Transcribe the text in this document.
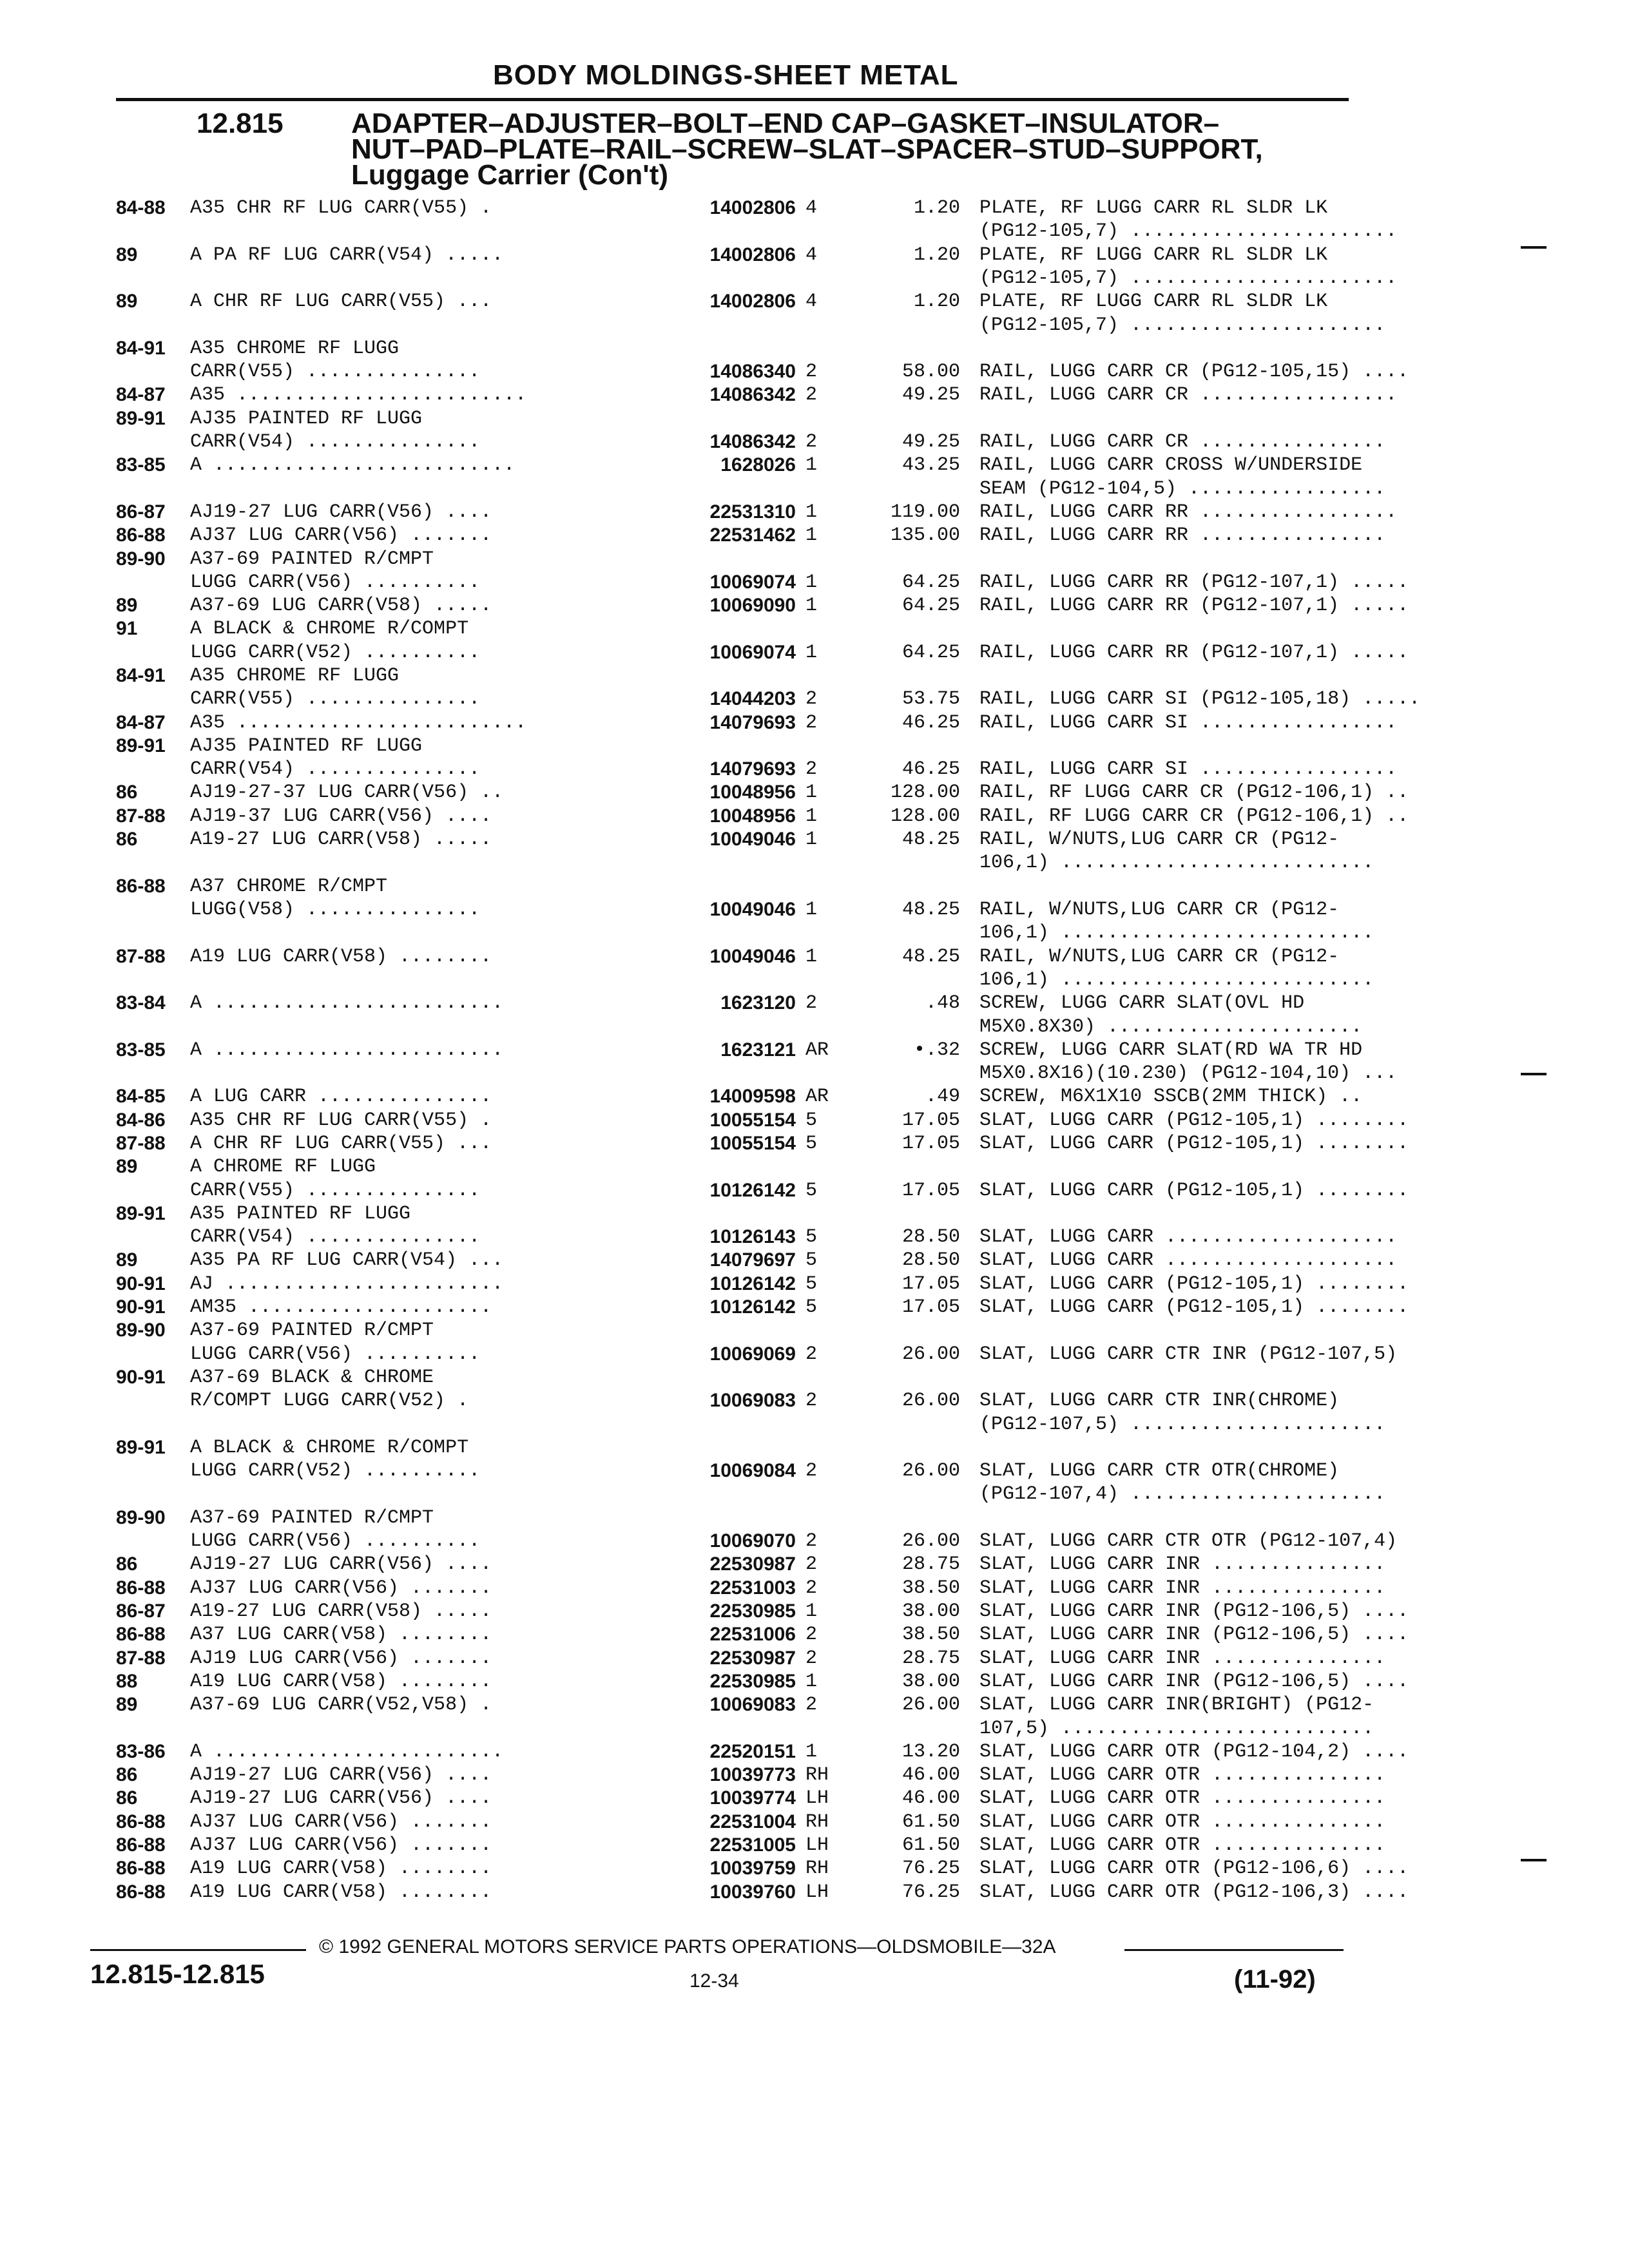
BODY MOLDINGS-SHEET METAL
12.815	ADAPTER–ADJUSTER–BOLT–END CAP–GASKET–INSULATOR–
NUT–PAD–PLATE–RAIL–SCREW–SLAT–SPACER–STUD–SUPPORT,
Luggage Carrier (Con't)
84-88	A35 CHR RF LUG CARR(V55) .	14002806 4	1.20 PLATE, RF LUGG CARR RL SLDR LK
(PG12-105,7) .......................
89	A PA RF LUG CARR(V54) .....	14002806 4	1.20 PLATE, RF LUGG CARR RL SLDR LK
(PG12-105,7) .......................
89	A CHR RF LUG CARR(V55) ...	14002806 4	1.20 PLATE, RF LUGG CARR RL SLDR LK
(PG12-105,7) ......................
84-91	A35 CHROME RF LUGG
CARR(V55) ...............	14086340 2	58.00 RAIL, LUGG CARR CR (PG12-105,15) ....
84-87	A35 .........................	14086342 2	49.25 RAIL, LUGG CARR CR .................
89-91	AJ35 PAINTED RF LUGG
CARR(V54) ...............	14086342 2	49.25 RAIL, LUGG CARR CR ................
83-85	A ..........................	1628026 1	43.25 RAIL, LUGG CARR CROSS W/UNDERSIDE
SEAM (PG12-104,5) .................
86-87	AJ19-27 LUG CARR(V56) ....	22531310 1	119.00 RAIL, LUGG CARR RR .................
86-88	AJ37 LUG CARR(V56) .......	22531462 1	135.00 RAIL, LUGG CARR RR ................
89-90	A37-69 PAINTED R/CMPT
LUGG CARR(V56) ..........	10069074 1	64.25 RAIL, LUGG CARR RR (PG12-107,1) .....
89	A37-69 LUG CARR(V58) .....	10069090 1	64.25 RAIL, LUGG CARR RR (PG12-107,1) .....
91	A BLACK & CHROME R/COMPT
LUGG CARR(V52) ..........	10069074 1	64.25 RAIL, LUGG CARR RR (PG12-107,1) .....
84-91	A35 CHROME RF LUGG
CARR(V55) ...............	14044203 2	53.75 RAIL, LUGG CARR SI (PG12-105,18) .....
84-87	A35 .........................	14079693 2	46.25 RAIL, LUGG CARR SI .................
89-91	AJ35 PAINTED RF LUGG
CARR(V54) ...............	14079693 2	46.25 RAIL, LUGG CARR SI .................
86	AJ19-27-37 LUG CARR(V56) ..	10048956 1	128.00 RAIL, RF LUGG CARR CR (PG12-106,1) ..
87-88	AJ19-37 LUG CARR(V56) ....	10048956 1	128.00 RAIL, RF LUGG CARR CR (PG12-106,1) ..
86	A19-27 LUG CARR(V58) .....	10049046 1	48.25 RAIL, W/NUTS,LUG CARR CR (PG12-
106,1) ...........................
86-88	A37 CHROME R/CMPT
LUGG(V58) ...............	10049046 1	48.25 RAIL, W/NUTS,LUG CARR CR (PG12-
106,1) ...........................
87-88	A19 LUG CARR(V58) ........	10049046 1	48.25 RAIL, W/NUTS,LUG CARR CR (PG12-
106,1) ...........................
83-84	A .........................	1623120 2	.48 SCREW, LUGG CARR SLAT(OVL HD
M5X0.8X30) ......................
83-85	A .........................	1623121 AR	•.32 SCREW, LUGG CARR SLAT(RD WA TR HD
M5X0.8X16)(10.230) (PG12-104,10) ...
84-85	A LUG CARR ...............	14009598 AR	.49 SCREW, M6X1X10 SSCB(2MM THICK) ..
84-86	A35 CHR RF LUG CARR(V55) .	10055154 5	17.05 SLAT, LUGG CARR (PG12-105,1) ........
87-88	A CHR RF LUG CARR(V55) ...	10055154 5	17.05 SLAT, LUGG CARR (PG12-105,1) ........
89	A CHROME RF LUGG
CARR(V55) ...............	10126142 5	17.05 SLAT, LUGG CARR (PG12-105,1) ........
89-91	A35 PAINTED RF LUGG
CARR(V54) ...............	10126143 5	28.50 SLAT, LUGG CARR ....................
89	A35 PA RF LUG CARR(V54) ...	14079697 5	28.50 SLAT, LUGG CARR ....................
90-91	AJ ........................	10126142 5	17.05 SLAT, LUGG CARR (PG12-105,1) ........
90-91	AM35 .....................	10126142 5	17.05 SLAT, LUGG CARR (PG12-105,1) ........
89-90	A37-69 PAINTED R/CMPT
LUGG CARR(V56) ..........	10069069 2	26.00 SLAT, LUGG CARR CTR INR (PG12-107,5)
90-91	A37-69 BLACK & CHROME
R/COMPT LUGG CARR(V52) .	10069083 2	26.00 SLAT, LUGG CARR CTR INR(CHROME)
(PG12-107,5) ......................
89-91	A BLACK & CHROME R/COMPT
LUGG CARR(V52) ..........	10069084 2	26.00 SLAT, LUGG CARR CTR OTR(CHROME)
(PG12-107,4) ......................
89-90	A37-69 PAINTED R/CMPT
LUGG CARR(V56) ..........	10069070 2	26.00 SLAT, LUGG CARR CTR OTR (PG12-107,4)
86	AJ19-27 LUG CARR(V56) ....	22530987 2	28.75 SLAT, LUGG CARR INR ...............
86-88	AJ37 LUG CARR(V56) .......	22531003 2	38.50 SLAT, LUGG CARR INR ...............
86-87	A19-27 LUG CARR(V58) .....	22530985 1	38.00 SLAT, LUGG CARR INR (PG12-106,5) ....
86-88	A37 LUG CARR(V58) ........	22531006 2	38.50 SLAT, LUGG CARR INR (PG12-106,5) ....
87-88	AJ19 LUG CARR(V56) .......	22530987 2	28.75 SLAT, LUGG CARR INR ...............
88	A19 LUG CARR(V58) ........	22530985 1	38.00 SLAT, LUGG CARR INR (PG12-106,5) ....
89	A37-69 LUG CARR(V52,V58) .	10069083 2	26.00 SLAT, LUGG CARR INR(BRIGHT) (PG12-
107,5) ...........................
83-86	A .........................	22520151 1	13.20 SLAT, LUGG CARR OTR (PG12-104,2) ....
86	AJ19-27 LUG CARR(V56) ....	10039773 RH	46.00 SLAT, LUGG CARR OTR ...............
86	AJ19-27 LUG CARR(V56) ....	10039774 LH	46.00 SLAT, LUGG CARR OTR ...............
86-88	AJ37 LUG CARR(V56) .......	22531004 RH	61.50 SLAT, LUGG CARR OTR ...............
86-88	AJ37 LUG CARR(V56) .......	22531005 LH	61.50 SLAT, LUGG CARR OTR ...............
86-88	A19 LUG CARR(V58) ........	10039759 RH	76.25 SLAT, LUGG CARR OTR (PG12-106,6) ....
86-88	A19 LUG CARR(V58) ........	10039760 LH	76.25 SLAT, LUGG CARR OTR (PG12-106,3) ....
© 1992 GENERAL MOTORS SERVICE PARTS OPERATIONS—OLDSMOBILE—32A
12.815-12.815	12-34	(11-92)
